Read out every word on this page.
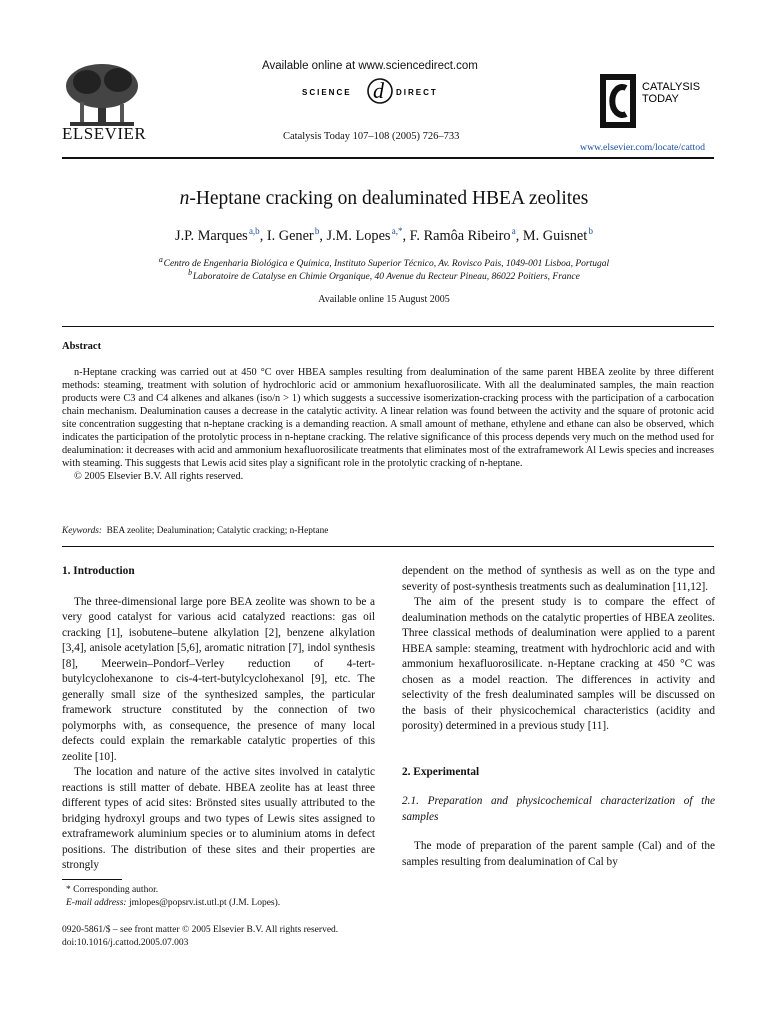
ELSEVIER
Available online at www.sciencedirect.com
SCIENCE d DIRECT
Catalysis Today 107–108 (2005) 726–733
CATALYSIS
TODAY
www.elsevier.com/locate/cattod
n-Heptane cracking on dealuminated HBEA zeolites
J.P. Marques $^{a,b}$, I. Gener $^b$, J.M. Lopes $^{a,*}$, F. Ramôa Ribeiro $^a$, M. Guisnet $^b$
$^a$ Centro de Engenharia Biológica e Química, Instituto Superior Técnico, Av. Rovisco Pais, 1049-001 Lisboa, Portugal
$^b$ Laboratoire de Catalyse en Chimie Organique, 40 Avenue du Recteur Pineau, 86022 Poitiers, France
Available online 15 August 2005
Abstract

n-Heptane cracking was carried out at 450 °C over HBEA samples resulting from dealumination of the same parent HBEA zeolite by three different methods: steaming, treatment with solution of hydrochloric acid or ammonium hexafluorosilicate. With all the dealuminated samples, the main reaction products were C3 and C4 alkenes and alkanes (iso/n > 1) which suggests a successive isomerization-cracking process with the participation of a carbocation chain mechanism. Dealumination causes a decrease in the catalytic activity. A linear relation was found between the activity and the square of protonic acid site concentration suggesting that n-heptane cracking is a demanding reaction. A small amount of methane, ethylene and ethane can also be observed, which indicates the participation of the protolytic process in n-heptane cracking. The relative significance of this process depends very much on the method used for dealumination: it decreases with acid and ammonium hexafluorosilicate treatments that eliminates most of the extraframework Al Lewis species and increases with steaming. This suggests that Lewis acid sites play a significant role in the protolytic cracking of n-heptane.

© 2005 Elsevier B.V. All rights reserved.

Keywords: BEA zeolite; Dealumination; Catalytic cracking; n-Heptane
1. Introduction

The three-dimensional large pore BEA zeolite was shown to be a very good catalyst for various acid catalyzed reactions: gas oil cracking [1], isobutene–butene alkylation [2], benzene alkylation [3,4], anisole acetylation [5,6], aromatic nitration [7], indol synthesis [8], Meerwein–Pondorf–Verley reduction of 4-tert-butylcyclohexanone to cis-4-tert-butylcyclohexanol [9], etc. The generally small size of the synthesized samples, the particular framework structure constituted by the connection of two polymorphs with, as consequence, the presence of many local defects could explain the remarkable catalytic properties of this zeolite [10].

The location and nature of the active sites involved in catalytic reactions is still matter of debate. HBEA zeolite has at least three different types of acid sites: Brönsted sites usually attributed to the bridging hydroxyl groups and two types of Lewis sites assigned to extraframework aluminium species or to aluminium atoms in defect positions. The distribution of these sites and their properties are strongly

dependent on the method of synthesis as well as on the type and severity of post-synthesis treatments such as dealumination [11,12].

The aim of the present study is to compare the effect of dealumination methods on the catalytic properties of HBEA zeolites. Three classical methods of dealumination were applied to a parent HBEA sample: steaming, treatment with hydrochloric acid and with ammonium hexafluorosilicate. n-Heptane cracking at 450 °C was chosen as a model reaction. The differences in activity and selectivity of the fresh dealuminated samples will be discussed on the basis of their physicochemical characteristics (acidity and porosity) determined in a previous study [11].

2. Experimental
2.1. Preparation and physicochemical characterization of the samples

The mode of preparation of the parent sample (Cal) and of the samples resulting from dealumination of Cal by

* Corresponding author.
E-mail address: jmlopes@popsrv.ist.utl.pt (J.M. Lopes).
0920-5861/$ – see front matter © 2005 Elsevier B.V. All rights reserved.
doi:10.1016/j.cattod.2005.07.003
